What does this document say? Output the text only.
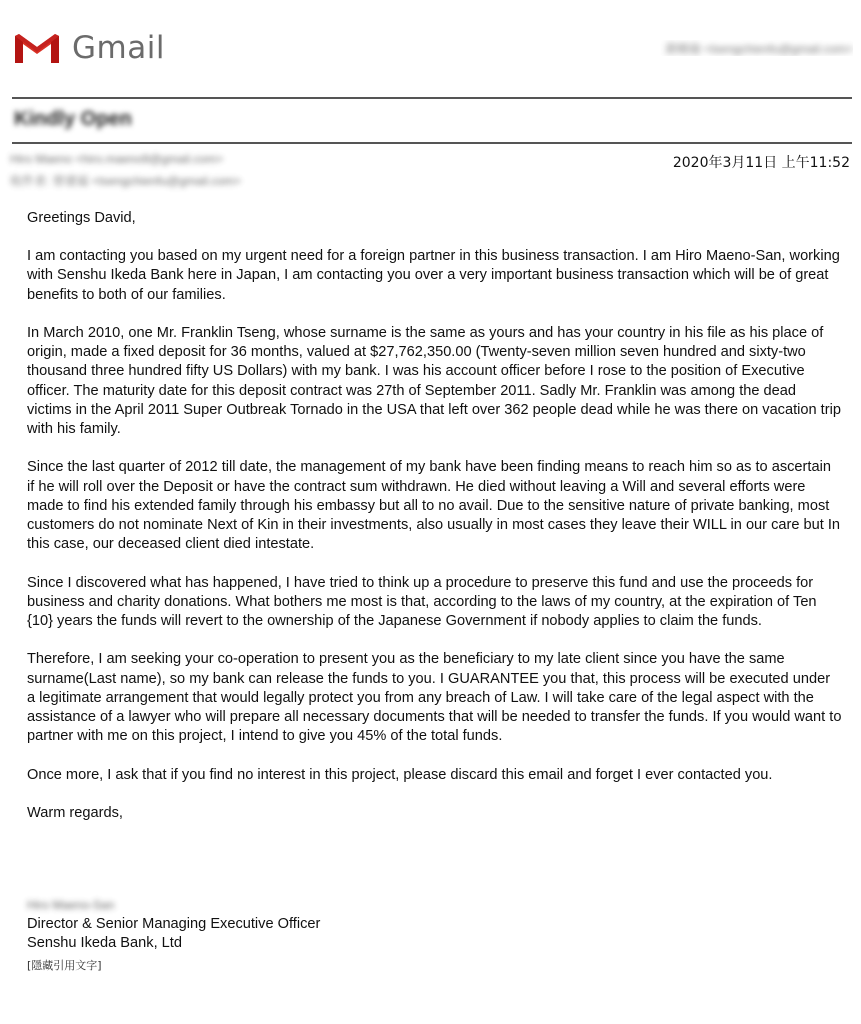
Gmail	黃曉瑜 <tsengchienfu@gmail.com>
Kindly Open
Hiro Maeno <hiro.maeno9@gmail.com>
收件者: 曾建福 <tsengchienfu@gmail.com>
2020年3月11日 上午11:52

Greetings David,

I am contacting you based on my urgent need for a foreign partner in this business transaction. I am Hiro Maeno-San, working with Senshu Ikeda Bank here in Japan, I am contacting you over a very important business transaction which will be of great benefits to both of our families.

In March 2010, one Mr. Franklin Tseng, whose surname is the same as yours and has your country in his file as his place of origin, made a fixed deposit for 36 months, valued at $27,762,350.00 (Twenty-seven million seven hundred and sixty-two thousand three hundred fifty US Dollars) with my bank. I was his account officer before I rose to the position of Executive officer. The maturity date for this deposit contract was 27th of September 2011. Sadly Mr. Franklin was among the dead victims in the April 2011 Super Outbreak Tornado in the USA that left over 362 people dead while he was there on vacation trip with his family.

Since the last quarter of 2012 till date, the management of my bank have been finding means to reach him so as to ascertain if he will roll over the Deposit or have the contract sum withdrawn. He died without leaving a Will and several efforts were made to find his extended family through his embassy but all to no avail. Due to the sensitive nature of private banking, most customers do not nominate Next of Kin in their investments, also usually in most cases they leave their WILL in our care but In this case, our deceased client died intestate.

Since I discovered what has happened, I have tried to think up a procedure to preserve this fund and use the proceeds for business and charity donations. What bothers me most is that, according to the laws of my country, at the expiration of Ten {10} years the funds will revert to the ownership of the Japanese Government if nobody applies to claim the funds.

Therefore, I am seeking your co-operation to present you as the beneficiary to my late client since you have the same surname(Last name), so my bank can release the funds to you. I GUARANTEE you that, this process will be executed under a legitimate arrangement that would legally protect you from any breach of Law. I will take care of the legal aspect with the assistance of a lawyer who will prepare all necessary documents that will be needed to transfer the funds. If you would want to partner with me on this project, I intend to give you 45% of the total funds.

Once more, I ask that if you find no interest in this project, please discard this email and forget I ever contacted you.

Warm regards,

Hiro Maeno-San
Director & Senior Managing Executive Officer
Senshu Ikeda Bank, Ltd
[隱藏引用文字]
